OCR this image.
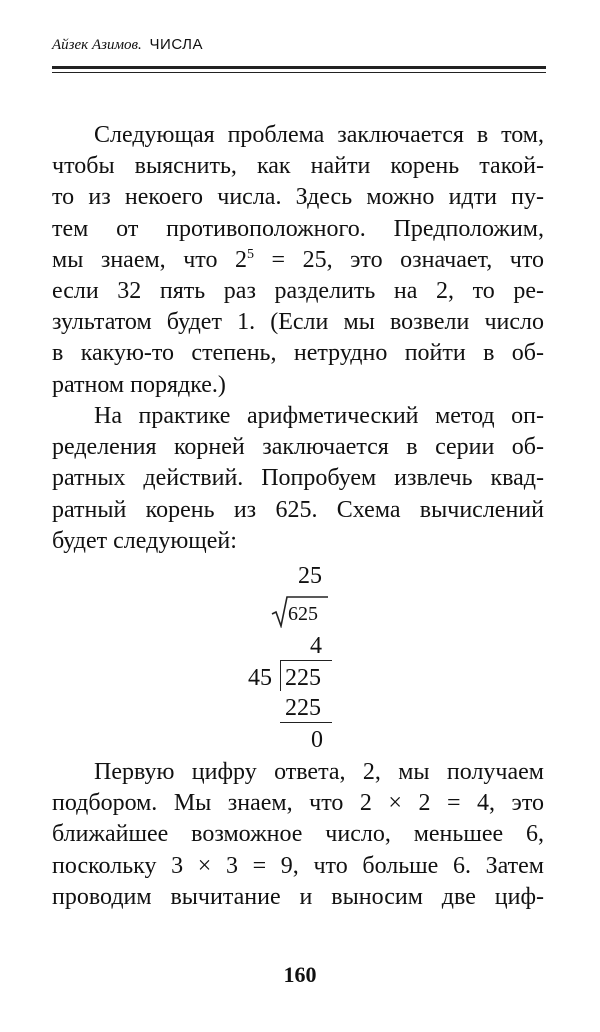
Айзек Азимов. ЧИСЛА
Следующая проблема заключается в том,
чтобы выяснить, как найти корень такой-
то из некоего числа. Здесь можно идти пу-
тем от противоположного. Предположим,
мы знаем, что $2^5 = 25$, это означает, что
если 32 пять раз разделить на 2, то ре-
зультатом будет 1. (Если мы возвели число
в какую-то степень, нетрудно пойти в об-
ратном порядке.)
На практике арифметический метод оп-
ределения корней заключается в серии об-
ратных действий. Попробуем извлечь квад-
ратный корень из 625. Схема вычислений
будет следующей:
25
625
4
45 225
225
0
Первую цифру ответа, 2, мы получаем
подбором. Мы знаем, что 2 × 2 = 4, это
ближайшее возможное число, меньшее 6,
поскольку 3 × 3 = 9, что больше 6. Затем
проводим вычитание и выносим две циф-
160
